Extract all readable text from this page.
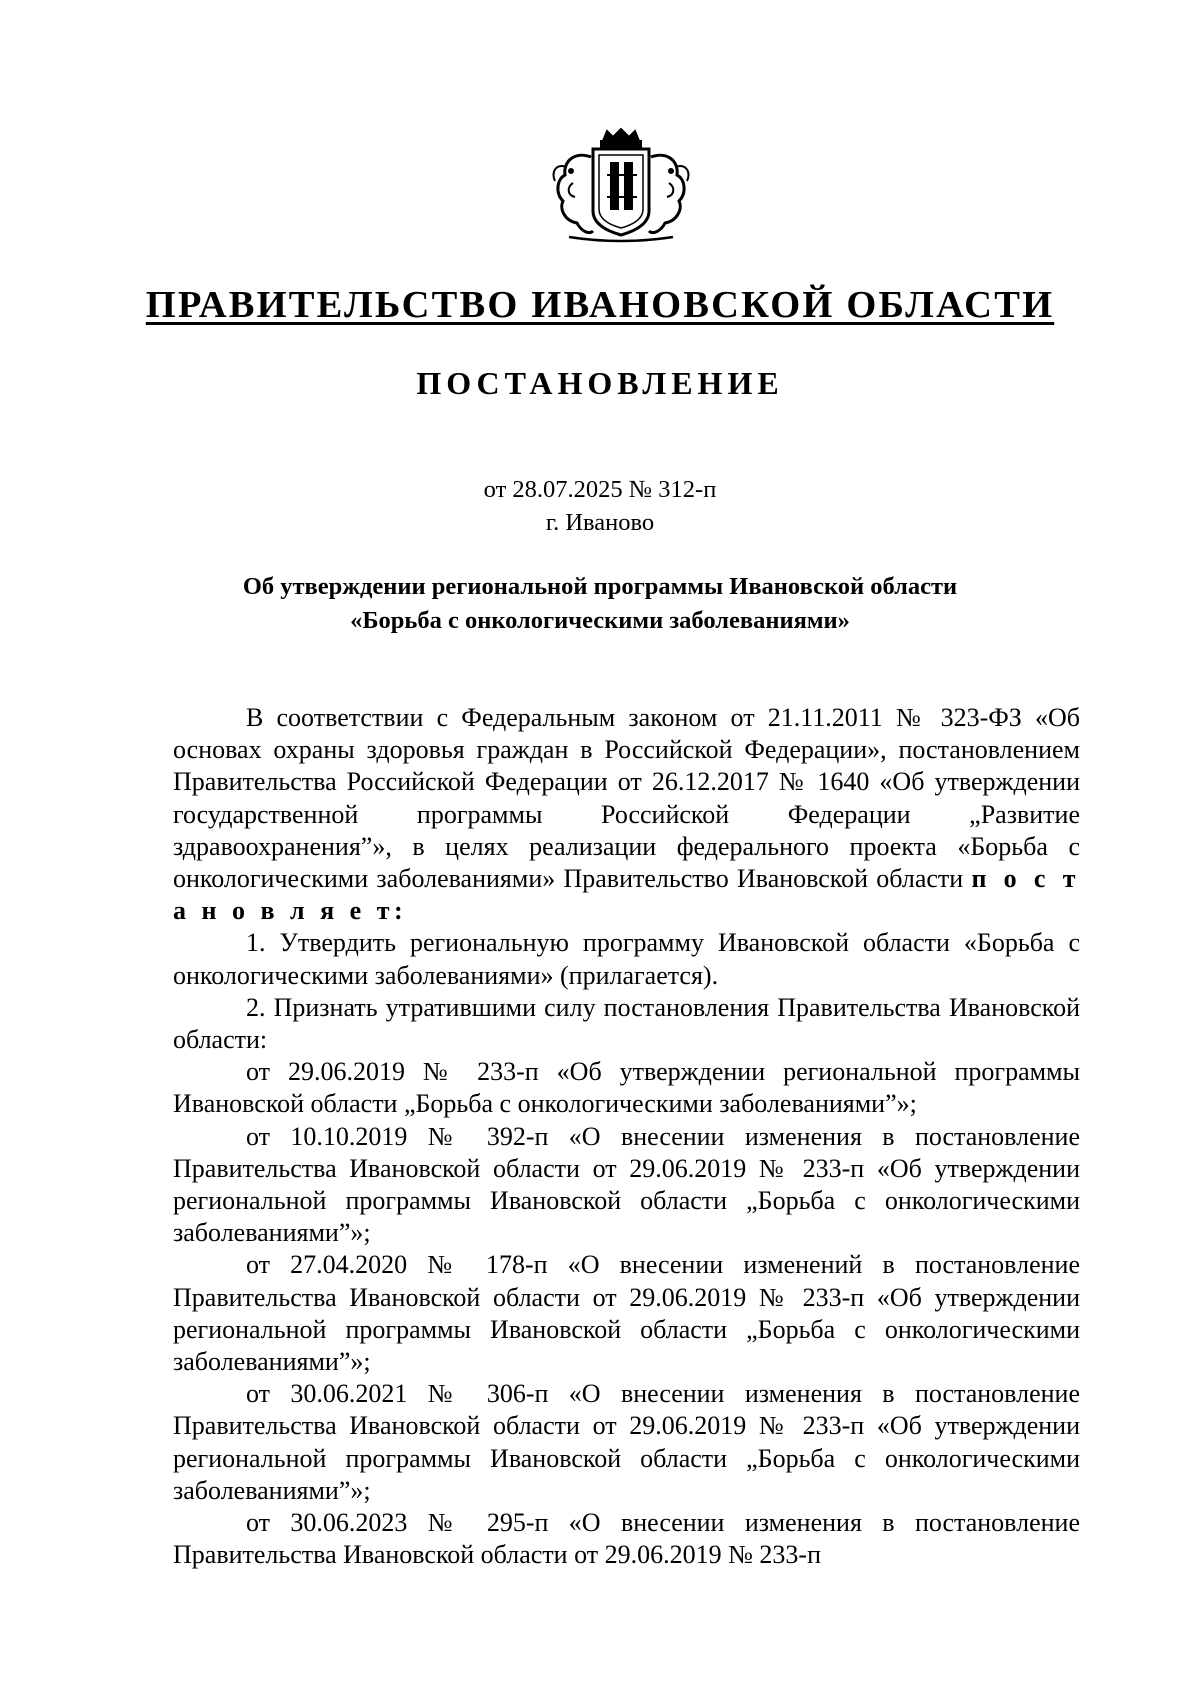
ПРАВИТЕЛЬСТВО ИВАНОВСКОЙ ОБЛАСТИ
ПОСТАНОВЛЕНИЕ
от 28.07.2025 № 312-п
г. Иваново
Об утверждении региональной программы Ивановской области
«Борьба с онкологическими заболеваниями»

В соответствии с Федеральным законом от 21.11.2011 № 323-ФЗ «Об основах охраны здоровья граждан в Российской Федерации», постановлением Правительства Российской Федерации от 26.12.2017 № 1640 «Об утверждении государственной программы Российской Федерации „Развитие здравоохранения”», в целях реализации федерального проекта «Борьба с онкологическими заболеваниями» Правительство Ивановской области п о с т а н о в л я е т:

1. Утвердить региональную программу Ивановской области «Борьба с онкологическими заболеваниями» (прилагается).

2. Признать утратившими силу постановления Правительства Ивановской области:

от 29.06.2019 № 233-п «Об утверждении региональной программы Ивановской области „Борьба с онкологическими заболеваниями”»;

от 10.10.2019 № 392-п «О внесении изменения в постановление Правительства Ивановской области от 29.06.2019 № 233-п «Об утверждении региональной программы Ивановской области „Борьба с онкологическими заболеваниями”»;

от 27.04.2020 № 178-п «О внесении изменений в постановление Правительства Ивановской области от 29.06.2019 № 233-п «Об утверждении региональной программы Ивановской области „Борьба с онкологическими заболеваниями”»;

от 30.06.2021 № 306-п «О внесении изменения в постановление Правительства Ивановской области от 29.06.2019 № 233-п «Об утверждении региональной программы Ивановской области „Борьба с онкологическими заболеваниями”»;

от 30.06.2023 № 295-п «О внесении изменения в постановление Правительства Ивановской области от 29.06.2019 № 233-п
